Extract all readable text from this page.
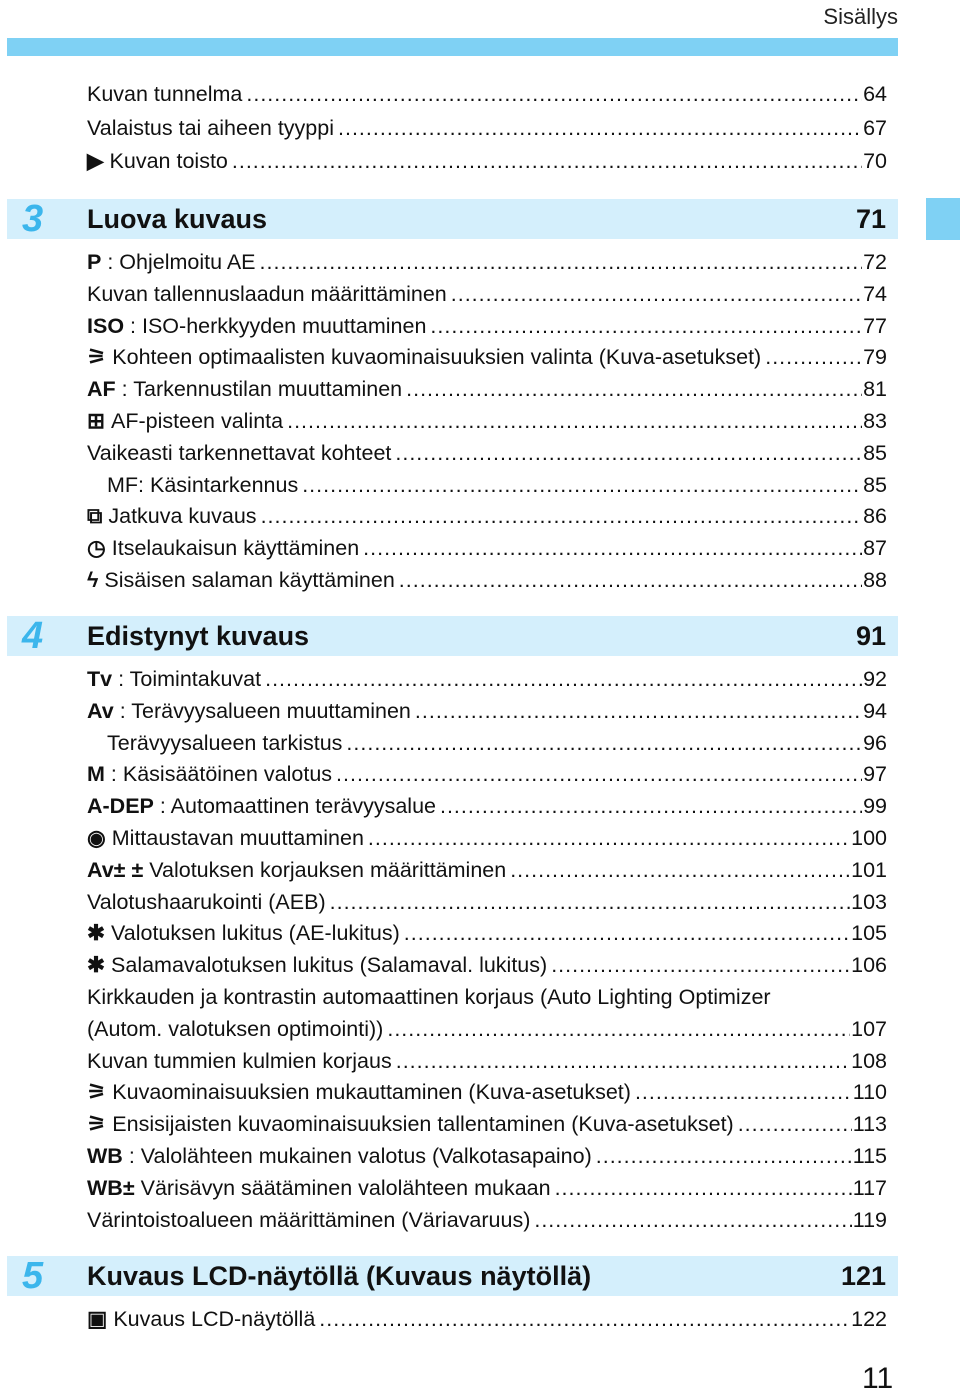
Sisällys
Kuvan tunnelma .....	64
Valaistus tai aiheen tyyppi .....	67
▶ Kuvan toisto .....	70
3	Luova kuvaus	71
P : Ohjelmoitu AE .....	72
Kuvan tallennuslaadun määrittäminen .....	74
ISO : ISO-herkkyyden muuttaminen .....	77
⚞ Kohteen optimaalisten kuvaominaisuuksien valinta (Kuva-asetukset) .....	79
AF : Tarkennustilan muuttaminen .....	81
⊞ AF-pisteen valinta .....	83
Vaikeasti tarkennettavat kohteet .....	85
MF: Käsintarkennus .....	85
⧉ Jatkuva kuvaus .....	86
◷ Itselaukaisun käyttäminen .....	87
ϟ Sisäisen salaman käyttäminen .....	88
4	Edistynyt kuvaus	91
Tv : Toimintakuvat .....	92
Av : Terävyysalueen muuttaminen .....	94
Terävyysalueen tarkistus .....	96
M : Käsisäätöinen valotus .....	97
A-DEP : Automaattinen terävyysalue .....	99
◉ Mittaustavan muuttaminen .....	100
Av± ± Valotuksen korjauksen määrittäminen .....	101
Valotushaarukointi (AEB) .....	103
✱ Valotuksen lukitus (AE-lukitus) .....	105
✱ Salamavalotuksen lukitus (Salamaval. lukitus) .....	106
Kirkkauden ja kontrastin automaattinen korjaus (Auto Lighting Optimizer
(Autom. valotuksen optimointi)) .....	107
Kuvan tummien kulmien korjaus .....	108
⚞ Kuvaominaisuuksien mukauttaminen (Kuva-asetukset) .....	110
⚞ Ensisijaisten kuvaominaisuuksien tallentaminen (Kuva-asetukset) .....	113
WB : Valolähteen mukainen valotus (Valkotasapaino) .....	115
WB± Värisävyn säätäminen valolähteen mukaan .....	117
Värintoistoalueen määrittäminen (Väriavaruus) .....	119
5	Kuvaus LCD-näytöllä (Kuvaus näytöllä)	121
▣ Kuvaus LCD-näytöllä .....	122
11
